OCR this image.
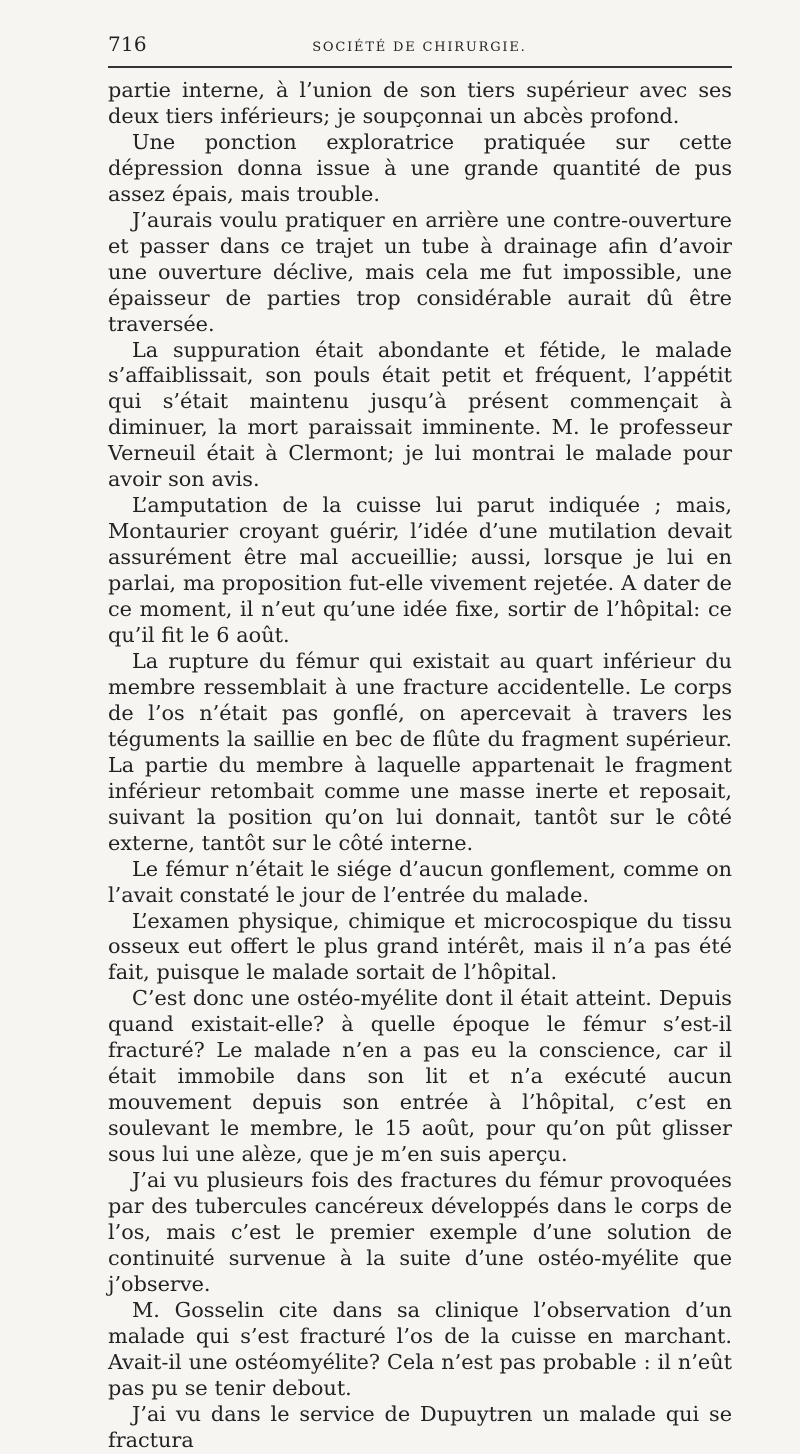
716	SOCIÉTÉ DE CHIRURGIE.

partie interne, à l’union de son tiers supérieur avec ses deux tiers inférieurs; je soupçonnai un abcès profond.

Une ponction exploratrice pratiquée sur cette dépression donna issue à une grande quantité de pus assez épais, mais trouble.

J’aurais voulu pratiquer en arrière une contre-ouverture et passer dans ce trajet un tube à drainage afin d’avoir une ouverture déclive, mais cela me fut impossible, une épaisseur de parties trop considérable aurait dû être traversée.

La suppuration était abondante et fétide, le malade s’affaiblissait, son pouls était petit et fréquent, l’appétit qui s’était maintenu jusqu’à présent commençait à diminuer, la mort paraissait imminente. M. le professeur Verneuil était à Clermont; je lui montrai le malade pour avoir son avis.

L’amputation de la cuisse lui parut indiquée ; mais, Montaurier croyant guérir, l’idée d’une mutilation devait assurément être mal accueillie; aussi, lorsque je lui en parlai, ma proposition fut-elle vivement rejetée. A dater de ce moment, il n’eut qu’une idée fixe, sortir de l’hôpital: ce qu’il fit le 6 août.

La rupture du fémur qui existait au quart inférieur du membre ressemblait à une fracture accidentelle. Le corps de l’os n’était pas gonflé, on apercevait à travers les téguments la saillie en bec de flûte du fragment supérieur. La partie du membre à laquelle appartenait le fragment inférieur retombait comme une masse inerte et reposait, suivant la position qu’on lui donnait, tantôt sur le côté externe, tantôt sur le côté interne.

Le fémur n’était le siége d’aucun gonflement, comme on l’avait constaté le jour de l’entrée du malade.

L’examen physique, chimique et microcospique du tissu osseux eut offert le plus grand intérêt, mais il n’a pas été fait, puisque le malade sortait de l’hôpital.

C’est donc une ostéo-myélite dont il était atteint. Depuis quand existait-elle? à quelle époque le fémur s’est-il fracturé? Le malade n’en a pas eu la conscience, car il était immobile dans son lit et n’a exécuté aucun mouvement depuis son entrée à l’hôpital, c’est en soulevant le membre, le 15 août, pour qu’on pût glisser sous lui une alèze, que je m’en suis aperçu.

J’ai vu plusieurs fois des fractures du fémur provoquées par des tubercules cancéreux développés dans le corps de l’os, mais c’est le premier exemple d’une solution de continuité survenue à la suite d’une ostéo-myélite que j’observe.

M. Gosselin cite dans sa clinique l’observation d’un malade qui s’est fracturé l’os de la cuisse en marchant. Avait-il une ostéomyélite? Cela n’est pas probable : il n’eût pas pu se tenir debout.

J’ai vu dans le service de Dupuytren un malade qui se fractura
